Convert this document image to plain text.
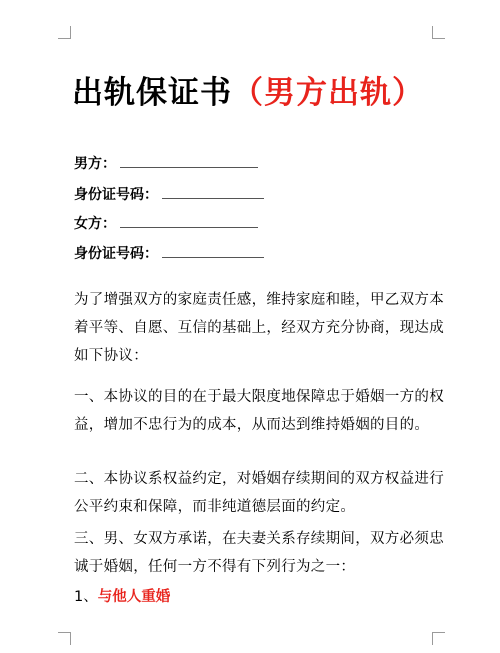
出轨保证书（男方出轨）
男方：
身份证号码：
女方：
身份证号码：
为了增强双方的家庭责任感，维持家庭和睦，甲乙双方本着平等、自愿、互信的基础上，经双方充分协商，现达成如下协议：
一、本协议的目的在于最大限度地保障忠于婚姻一方的权益，增加不忠行为的成本，从而达到维持婚姻的目的。
二、本协议系权益约定，对婚姻存续期间的双方权益进行公平约束和保障，而非纯道德层面的约定。
三、男、女双方承诺，在夫妻关系存续期间，双方必须忠诚于婚姻，任何一方不得有下列行为之一：
1、与他人重婚
